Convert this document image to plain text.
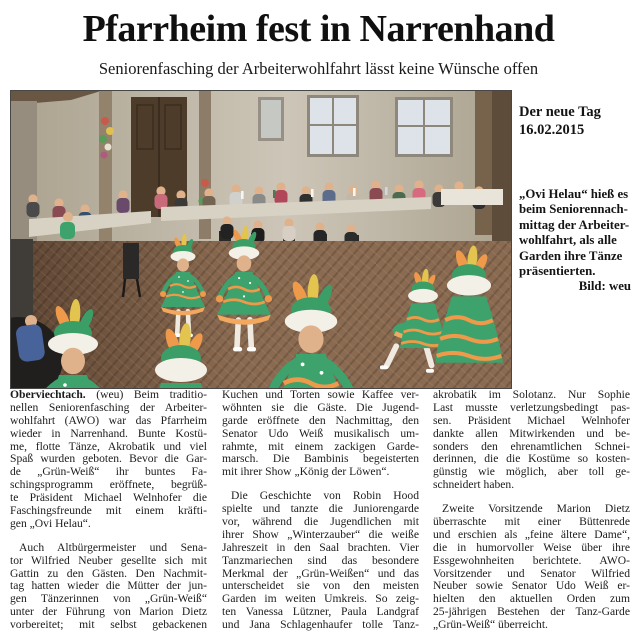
Pfarrheim fest in Narrenhand
Seniorenfasching der Arbeiterwohlfahrt lässt keine Wünsche offen
Der neue Tag
16.02.2015
„Ovi Helau“ hieß es
beim Seniorennach-
mittag der Arbeiter-
wohlfahrt, als alle
Garden ihre Tänze
präsentierten.
Bild: weu
Oberviechtach. (weu) Beim traditio-
nellen Seniorenfasching der Arbeiter-
wohlfahrt (AWO) war das Pfarrheim
wieder in Narrenhand. Bunte Kostü-
me, flotte Tänze, Akrobatik und viel
Spaß wurden geboten. Bevor die Gar-
de „Grün-Weiß“ ihr buntes Fa-
schingsprogramm eröffnete, begrüß-
te Präsident Michael Welnhofer die
Faschingsfreunde mit einem kräfti-
gen „Ovi Helau“.
Auch Altbürgermeister und Sena-
tor Wilfried Neuber gesellte sich mit
Gattin zu den Gästen. Den Nachmit-
tag hatten wieder die Mütter der jun-
gen Tänzerinnen von „Grün-Weiß“
unter der Führung von Marion Dietz
vorbereitet; mit selbst gebackenen
Kuchen und Torten sowie Kaffee ver-
wöhnten sie die Gäste. Die Jugend-
garde eröffnete den Nachmittag, den
Senator Udo Weiß musikalisch um-
rahmte, mit einem zackigen Garde-
marsch. Die Bambinis begeisterten
mit ihrer Show „König der Löwen“.
Die Geschichte von Robin Hood
spielte und tanzte die Juniorengarde
vor, während die Jugendlichen mit
ihrer Show „Winterzauber“ die weiße
Jahreszeit in den Saal brachten. Vier
Tanzmariechen sind das besondere
Merkmal der „Grün-Weißen“ und das
unterscheidet sie von den meisten
Garden im weiten Umkreis. So zeig-
ten Vanessa Lützner, Paula Landgraf
und Jana Schlagenhaufer tolle Tanz-
akrobatik im Solotanz. Nur Sophie
Last musste verletzungsbedingt pas-
sen. Präsident Michael Welnhofer
dankte allen Mitwirkenden und be-
sonders den ehrenamtlichen Schnei-
derinnen, die die Kostüme so kosten-
günstig wie möglich, aber toll ge-
schneidert haben.
Zweite Vorsitzende Marion Dietz
überraschte mit einer Büttenrede
und erschien als „feine ältere Dame“,
die in humorvoller Weise über ihre
Essgewohnheiten berichtete. AWO-
Vorsitzender und Senator Wilfried
Neuber sowie Senator Udo Weiß er-
hielten den aktuellen Orden zum
25-jährigen Bestehen der Tanz-Garde
„Grün-Weiß“ überreicht.
